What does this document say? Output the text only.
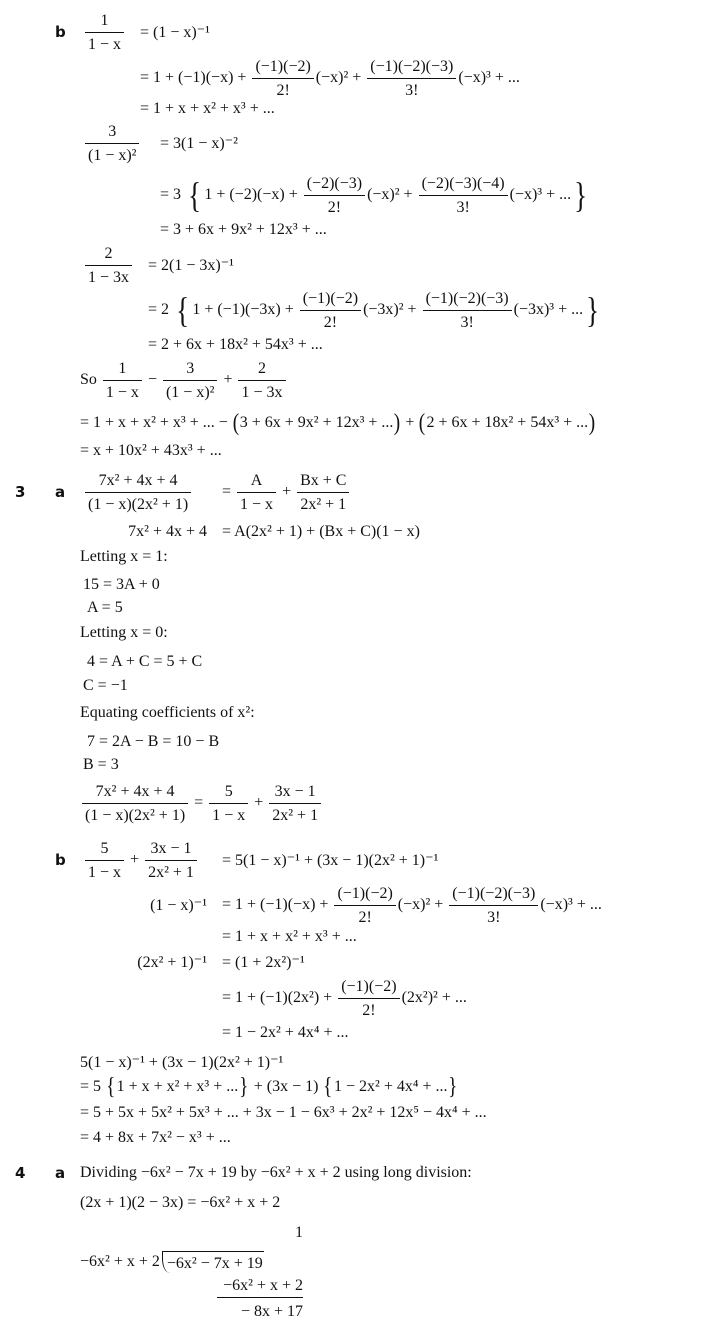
b $\frac{1}{1 - x} = (1 - x)^{-1}$
= $1 + (-1)(-x) + \frac{(-1)(-2)}{2!} (-x)^2 + \frac{(-1)(-2)(-3)}{3!} (-x)^3$ + ...
= 1 + x + x² + x³ + ...
$\frac{3}{\text{(1 − x)²}} = 3(1 - x)^{-2}$
= 3 { $1 + (-2)(-x) + \frac{(-2)(-3)}{2!} (-x)^2 + \frac{(-2)(-3)(-4)}{3!} (-x)^3$ + ... }
= 3 + 6x + 9x² + 12x³ + ...
$\frac{2}{1 - 3x} = 2(1 - 3x)^{-1}$
= 2 { $1 + (-1)(-3x) + \frac{(-1)(-2)}{2!} (-3x)^2 + \frac{(-1)(-2)(-3)}{3!} (-3x)^3$ + ... }
= 2 + 6x + 18x² + 54x³ + ...
So $\frac{1}{1 - x} - \frac{3}{\text{(1 − x)²}} + \frac{2}{1 - 3x}$
= 1 + x + x² + x³ + ... − ( 3 + 6x + 9x² + 12x³ + ... ) + ( 2 + 6x + 18x² + 54x³ + ... )
= x + 10x² + 43x³ + ...
3 a $\frac{\text{7x² + 4x + 4}}{\text{(1 − x)(2x² + 1)}} = \frac{A}{1 - x} + \frac{Bx + C}{\text{2x² + 1}}$
7x² + 4x + 4 = A(2x² + 1) + (Bx + C)(1 − x)
Letting x = 1:
15 = 3A + 0
A = 5
Letting x = 0:
4 = A + C = 5 + C
C = −1
Equating coefficients of x²:
7 = 2A − B = 10 − B
B = 3
$\frac{\text{7x² + 4x + 4}}{\text{(1 − x)(2x² + 1)}} = \frac{5}{1 - x} + \frac{3x - 1}{\text{2x² + 1}}$
b $\frac{5}{1 - x} + \frac{3x - 1}{\text{2x² + 1}} = 5(1 - x)^{-1} + (3x - 1)(2x^2 + 1)^{-1}$
$(1 - x)^{-1} = 1 + (-1)(-x) + \frac{(-1)(-2)}{2!} (-x)^2 + \frac{(-1)(-2)(-3)}{3!} (-x)^3$ + ...
= 1 + x + x² + x³ + ...
(2x² + 1)⁻¹ = (1 + 2x²)⁻¹
= $1 + (-1)(2x^2) + \frac{(-1)(-2)}{2!} (2x^2)^2$ + ...
= 1 − 2x² + 4x⁴ + ...
5(1 − x)⁻¹ + (3x − 1)(2x² + 1)⁻¹
= 5 { 1 + x + x² + x³ + ... } + (3x − 1) { 1 − 2x² + 4x⁴ + ... }
= 5 + 5x + 5x² + 5x³ + ... + 3x − 1 − 6x³ + 2x² + 12x⁵ − 4x⁴ + ...
= 4 + 8x + 7x² − x³ + ...
4 a Dividing −6x² − 7x + 19 by −6x² + x + 2 using long division:
(2x + 1)(2 − 3x) = −6x² + x + 2
1
−6x² + x + 2 −6x² − 7x + 19
−6x² + x + 2
− 8x + 17
